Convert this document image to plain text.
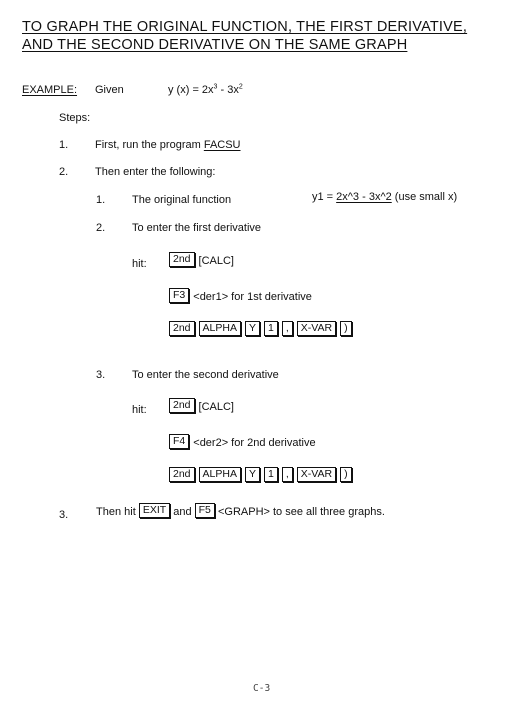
TO GRAPH THE ORIGINAL FUNCTION, THE FIRST DERIVATIVE,
AND THE SECOND DERIVATIVE ON THE SAME GRAPH
EXAMPLE: Given	y $(x) = 2x^3 - 3x^2$
Steps:
1. First, run the program FACSU
2. Then enter the following:
1. The original function	y1 = 2x^3 - 3x^2 (use small x)
2. To enter the first derivative
hit:	2nd [CALC]
F3 <der1> for 1st derivative
2nd ALPHA Y 1 , X-VAR )
3. To enter the second derivative
hit:	2nd [CALC]
F4 <der2> for 2nd derivative
2nd ALPHA Y 1 , X-VAR )
3.	Then hit EXIT and F5 <GRAPH> to see all three graphs.
C-3
